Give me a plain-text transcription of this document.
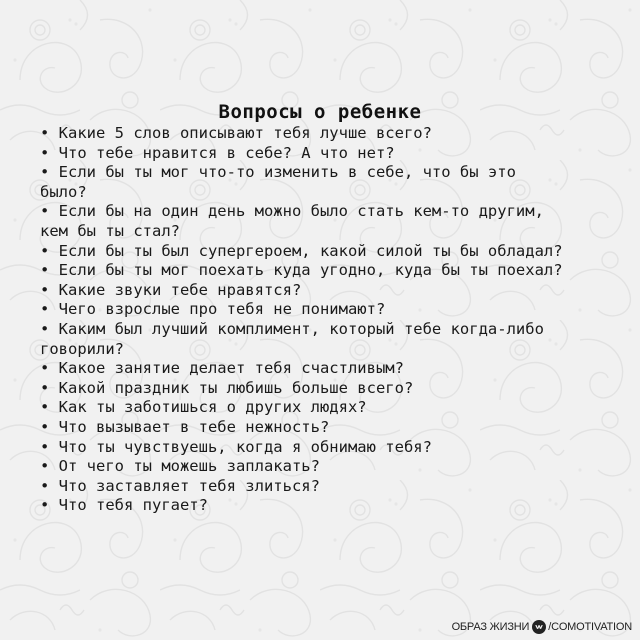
Вопросы о ребенке
• Какие 5 слов описывают тебя лучше всего?
• Что тебе нравится в себе? А что нет?
• Если бы ты мог что-то изменить в себе, что бы это
было?
• Если бы на один день можно было стать кем-то другим,
кем бы ты стал?
• Если бы ты был супергероем, какой силой ты бы обладал?
• Если бы ты мог поехать куда угодно, куда бы ты поехал?
• Какие звуки тебе нравятся?
• Чего взрослые про тебя не понимают?
• Каким был лучший комплимент, который тебе когда-либо
говорили?
• Какое занятие делает тебя счастливым?
• Какой праздник ты любишь больше всего?
• Как ты заботишься о других людях?
• Что вызывает в тебе нежность?
• Что ты чувствуешь, когда я обнимаю тебя?
• От чего ты можешь заплакать?
• Что заставляет тебя злиться?
• Что тебя пугает?
ОБРАЗ ЖИЗНИ /COMOTIVATION
